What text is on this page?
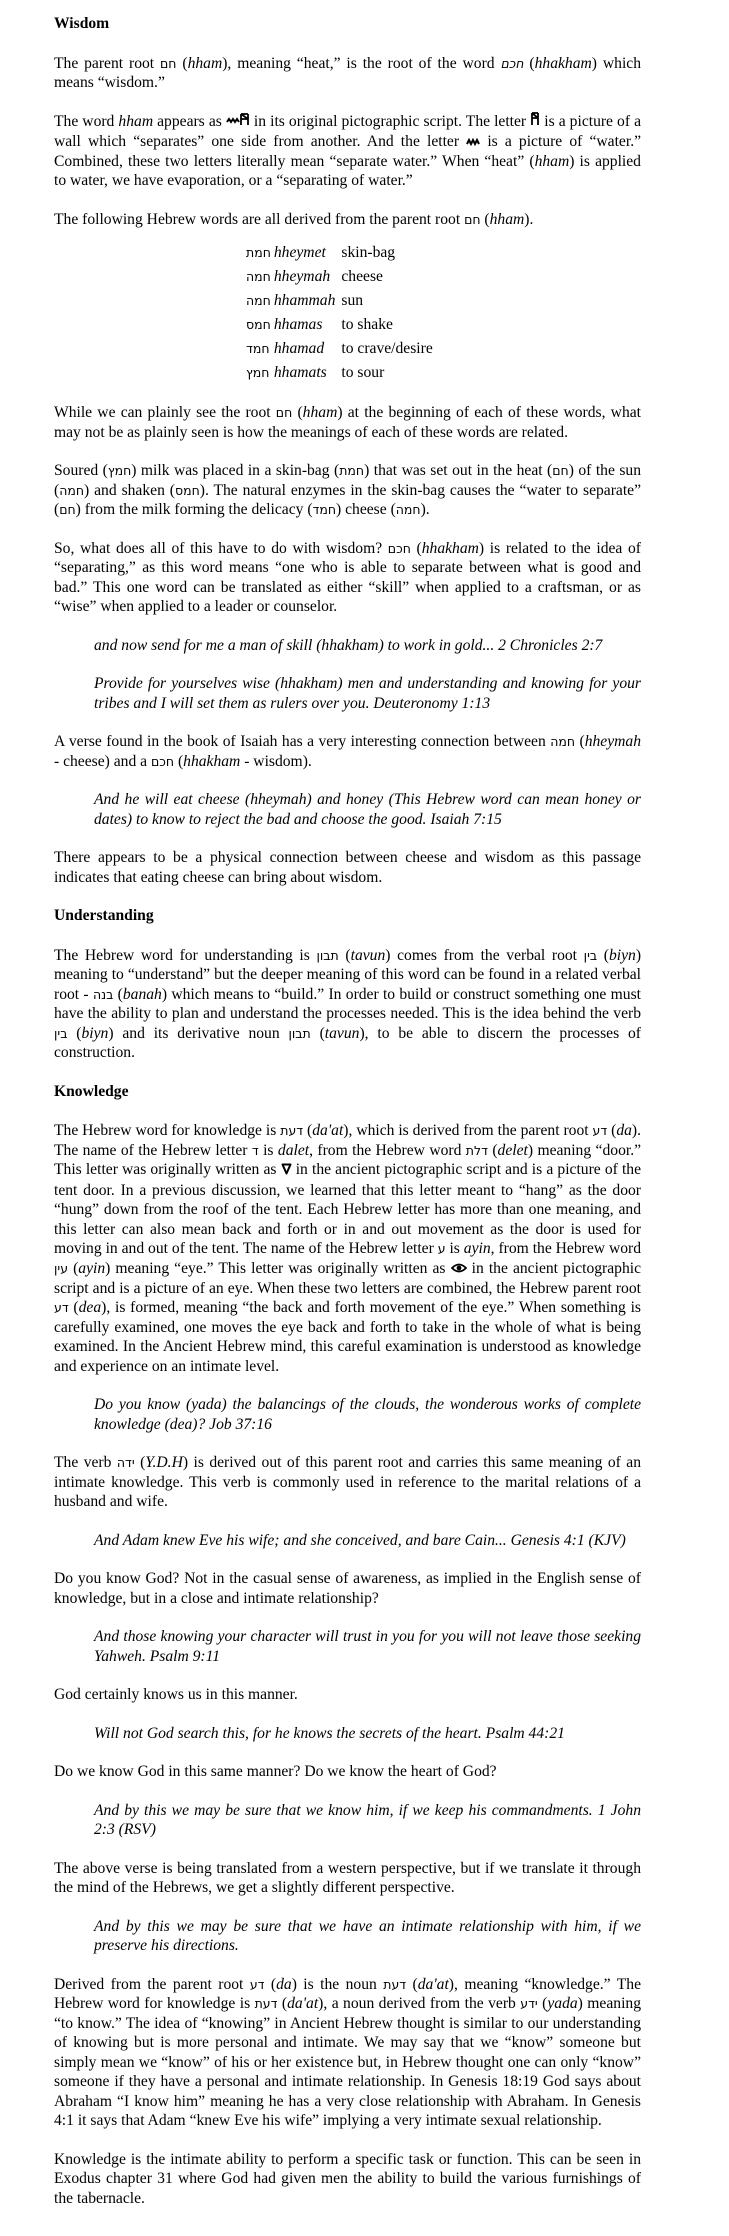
Wisdom

The parent root חם (hham), meaning “heat,” is the root of the word חכם (hhakham) which means “wisdom.”

The word hham appears as  in its original pictographic script. The letter  is a picture of a wall which “separates” one side from another. And the letter  is a picture of “water.” Combined, these two letters literally mean “separate water.” When “heat” (hham) is applied to water, we have evaporation, or a “separating of water.”

The following Hebrew words are all derived from the parent root חם (hham).

חמת	hheymet	skin-bag
חמה	hheymah	cheese
חמה	hhammah	sun
חמס	hhamas	to shake
חמד	hhamad	to crave/desire
חמץ	hhamats	to sour

While we can plainly see the root חם (hham) at the beginning of each of these words, what may not be as plainly seen is how the meanings of each of these words are related.

Soured (חמץ) milk was placed in a skin-bag (חמת) that was set out in the heat (חם) of the sun (חמה) and shaken (חמס). The natural enzymes in the skin-bag causes the “water to separate” (חם) from the milk forming the delicacy (חמד) cheese (חמה).

So, what does all of this have to do with wisdom? חכם (hhakham) is related to the idea of “separating,” as this word means “one who is able to separate between what is good and bad.” This one word can be translated as either “skill” when applied to a craftsman, or as “wise” when applied to a leader or counselor.

and now send for me a man of skill (hhakham) to work in gold... 2 Chronicles 2:7

Provide for yourselves wise (hhakham) men and understanding and knowing for your tribes and I will set them as rulers over you. Deuteronomy 1:13

A verse found in the book of Isaiah has a very interesting connection between חמה (hheymah - cheese) and a חכם (hhakham - wisdom).

And he will eat cheese (hheymah) and honey (This Hebrew word can mean honey or dates) to know to reject the bad and choose the good. Isaiah 7:15

There appears to be a physical connection between cheese and wisdom as this passage indicates that eating cheese can bring about wisdom.

Understanding

The Hebrew word for understanding is תבון (tavun) comes from the verbal root בין (biyn) meaning to “understand” but the deeper meaning of this word can be found in a related verbal root - בנה (banah) which means to “build.” In order to build or construct something one must have the ability to plan and understand the processes needed. This is the idea behind the verb בין (biyn) and its derivative noun תבון (tavun), to be able to discern the processes of construction.

Knowledge

The Hebrew word for knowledge is דעת (da'at), which is derived from the parent root דע (da). The name of the Hebrew letter ד is dalet, from the Hebrew word דלת (delet) meaning “door.” This letter was originally written as  in the ancient pictographic script and is a picture of the tent door. In a previous discussion, we learned that this letter meant to “hang” as the door “hung” down from the roof of the tent. Each Hebrew letter has more than one meaning, and this letter can also mean back and forth or in and out movement as the door is used for moving in and out of the tent. The name of the Hebrew letter ע is ayin, from the Hebrew word עין (ayin) meaning “eye.” This letter was originally written as  in the ancient pictographic script and is a picture of an eye. When these two letters are combined, the Hebrew parent root דע (dea), is formed, meaning “the back and forth movement of the eye.” When something is carefully examined, one moves the eye back and forth to take in the whole of what is being examined. In the Ancient Hebrew mind, this careful examination is understood as knowledge and experience on an intimate level.

Do you know (yada) the balancings of the clouds, the wonderous works of complete knowledge (dea)? Job 37:16

The verb ידה (Y.D.H) is derived out of this parent root and carries this same meaning of an intimate knowledge. This verb is commonly used in reference to the marital relations of a husband and wife.

And Adam knew Eve his wife; and she conceived, and bare Cain... Genesis 4:1 (KJV)

Do you know God? Not in the casual sense of awareness, as implied in the English sense of knowledge, but in a close and intimate relationship?

And those knowing your character will trust in you for you will not leave those seeking Yahweh. Psalm 9:11

God certainly knows us in this manner.

Will not God search this, for he knows the secrets of the heart. Psalm 44:21

Do we know God in this same manner? Do we know the heart of God?

And by this we may be sure that we know him, if we keep his commandments. 1 John 2:3 (RSV)

The above verse is being translated from a western perspective, but if we translate it through the mind of the Hebrews, we get a slightly different perspective.

And by this we may be sure that we have an intimate relationship with him, if we preserve his directions.

Derived from the parent root דע (da) is the noun דעת (da'at), meaning “knowledge.” The Hebrew word for knowledge is דעת (da'at), a noun derived from the verb ידע (yada) meaning “to know.” The idea of “knowing” in Ancient Hebrew thought is similar to our understanding of knowing but is more personal and intimate. We may say that we “know” someone but simply mean we “know” of his or her existence but, in Hebrew thought one can only “know” someone if they have a personal and intimate relationship. In Genesis 18:19 God says about Abraham “I know him” meaning he has a very close relationship with Abraham. In Genesis 4:1 it says that Adam “knew Eve his wife” implying a very intimate sexual relationship.

Knowledge is the intimate ability to perform a specific task or function. This can be seen in Exodus chapter 31 where God had given men the ability to build the various furnishings of the tabernacle.
